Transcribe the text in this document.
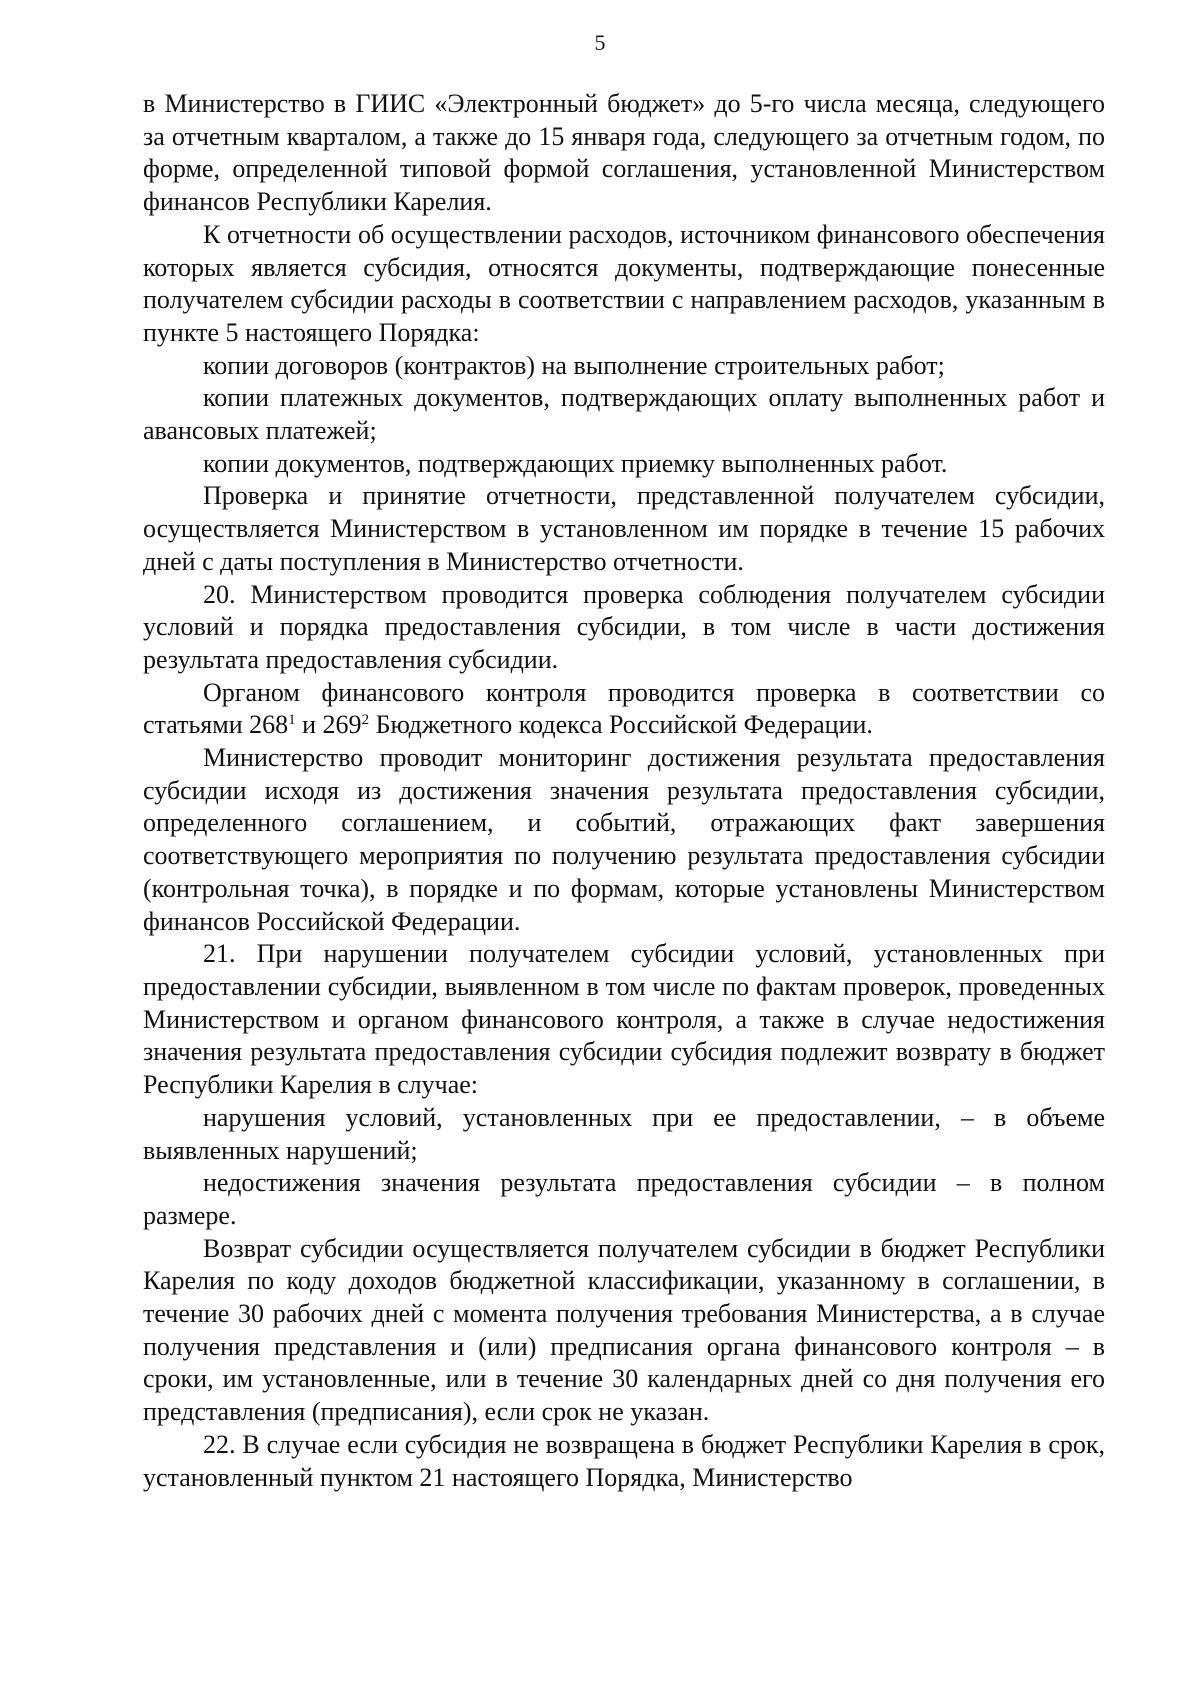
5

в Министерство в ГИИС «Электронный бюджет» до 5-го числа месяца, следующего за отчетным кварталом, а также до 15 января года, следующего за отчетным годом, по форме, определенной типовой формой соглашения, установленной Министерством финансов Республики Карелия.

К отчетности об осуществлении расходов, источником финансового обеспечения которых является субсидия, относятся документы, подтверждающие понесенные получателем субсидии расходы в соответствии с направлением расходов, указанным в пункте 5 настоящего Порядка:

копии договоров (контрактов) на выполнение строительных работ;

копии платежных документов, подтверждающих оплату выполненных работ и авансовых платежей;

копии документов, подтверждающих приемку выполненных работ.

Проверка и принятие отчетности, представленной получателем субсидии, осуществляется Министерством в установленном им порядке в течение 15 рабочих дней с даты поступления в Министерство отчетности.

20. Министерством проводится проверка соблюдения получателем субсидии условий и порядка предоставления субсидии, в том числе в части достижения результата предоставления субсидии.

Органом финансового контроля проводится проверка в соответствии со статьями $268^1$ и $269^2$ Бюджетного кодекса Российской Федерации.

Министерство проводит мониторинг достижения результата предоставления субсидии исходя из достижения значения результата предоставления субсидии, определенного соглашением, и событий, отражающих факт завершения соответствующего мероприятия по получению результата предоставления субсидии (контрольная точка), в порядке и по формам, которые установлены Министерством финансов Российской Федерации.

21. При нарушении получателем субсидии условий, установленных при предоставлении субсидии, выявленном в том числе по фактам проверок, проведенных Министерством и органом финансового контроля, а также в случае недостижения значения результата предоставления субсидии субсидия подлежит возврату в бюджет Республики Карелия в случае:

нарушения условий, установленных при ее предоставлении, – в объеме выявленных нарушений;

недостижения значения результата предоставления субсидии – в полном размере.

Возврат субсидии осуществляется получателем субсидии в бюджет Республики Карелия по коду доходов бюджетной классификации, указанному в соглашении, в течение 30 рабочих дней с момента получения требования Министерства, а в случае получения представления и (или) предписания органа финансового контроля – в сроки, им установленные, или в течение 30 календарных дней со дня получения его представления (предписания), если срок не указан.

22. В случае если субсидия не возвращена в бюджет Республики Карелия в срок, установленный пунктом 21 настоящего Порядка, Министерство
